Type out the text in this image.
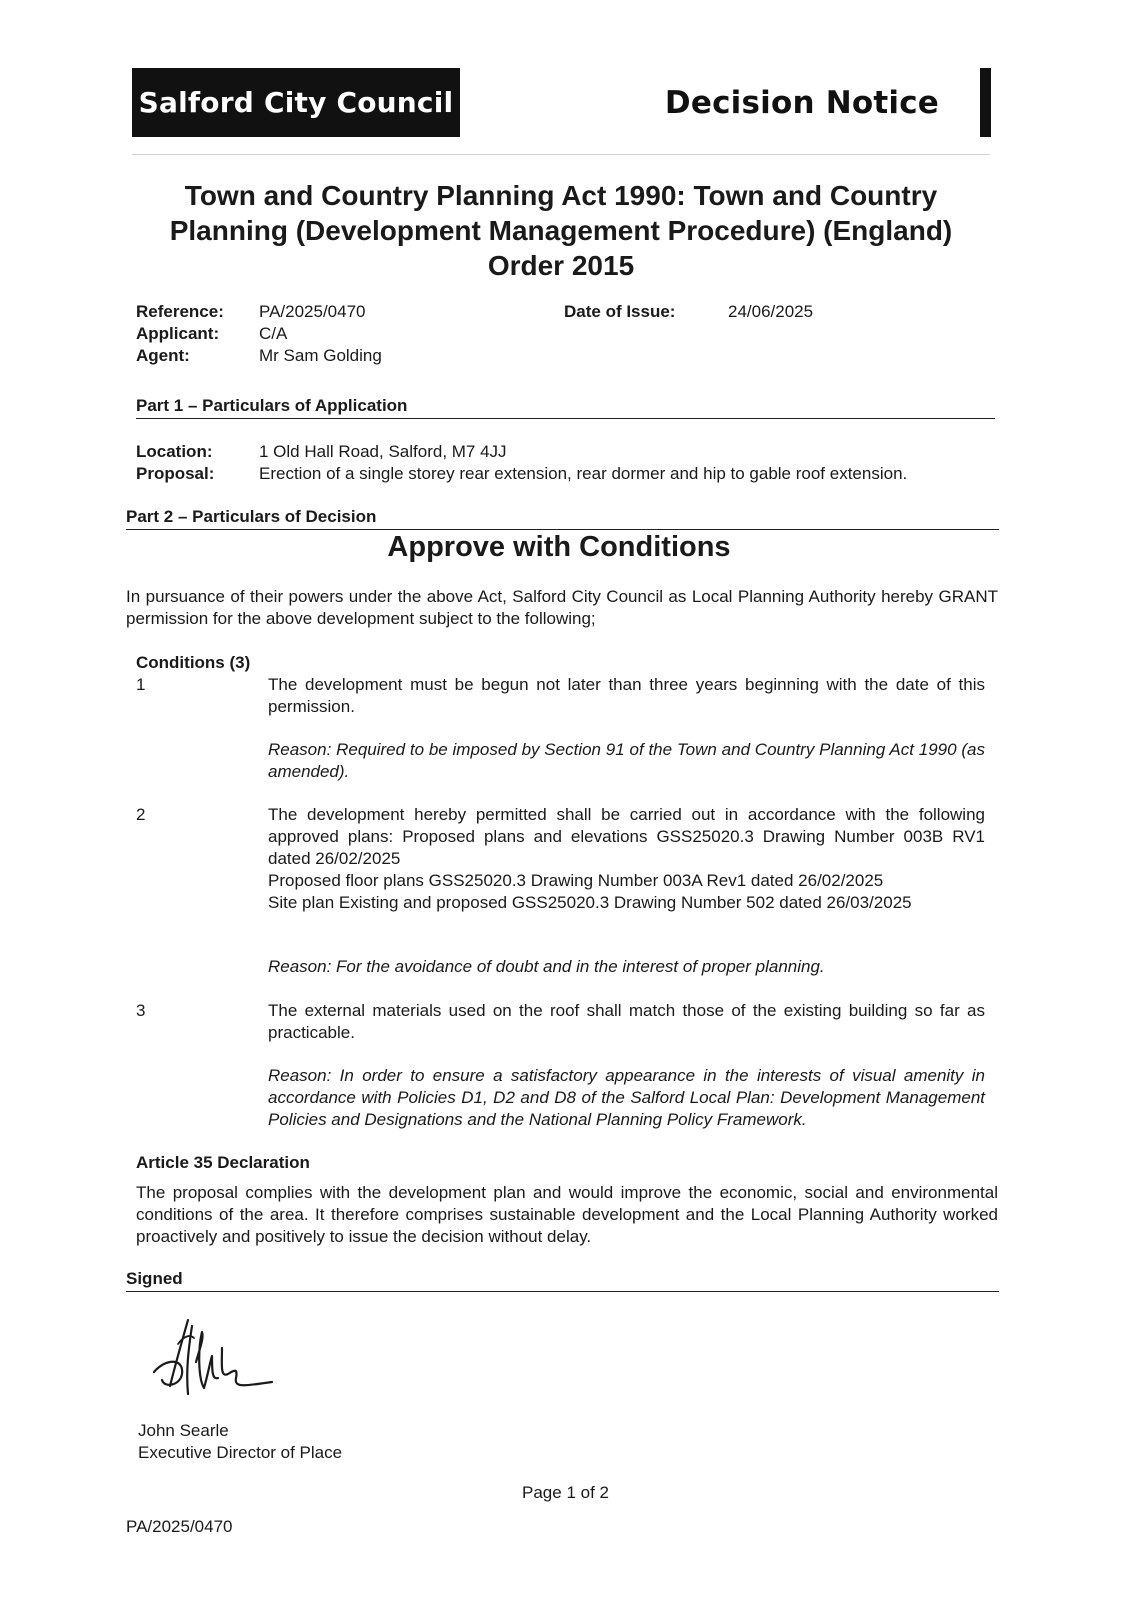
Salford City Council	Decision Notice
Town and Country Planning Act 1990: Town and Country Planning (Development Management Procedure) (England) Order 2015
Reference: PA/2025/0470	Date of Issue:	24/06/2025
Applicant: C/A
Agent:	Mr Sam Golding
Part 1 – Particulars of Application
Location:	1 Old Hall Road, Salford, M7 4JJ
Proposal:	Erection of a single storey rear extension, rear dormer and hip to gable roof extension.
Part 2 – Particulars of Decision
Approve with Conditions
In pursuance of their powers under the above Act, Salford City Council as Local Planning Authority hereby GRANT permission for the above development subject to the following;
Conditions (3)
1	The development must be begun not later than three years beginning with the date of this permission.
Reason: Required to be imposed by Section 91 of the Town and Country Planning Act 1990 (as amended).
2	The development hereby permitted shall be carried out in accordance with the following approved plans: Proposed plans and elevations GSS25020.3 Drawing Number 003B RV1 dated 26/02/2025
Proposed floor plans GSS25020.3 Drawing Number 003A Rev1 dated 26/02/2025
Site plan Existing and proposed GSS25020.3 Drawing Number 502 dated 26/03/2025
Reason: For the avoidance of doubt and in the interest of proper planning.
3	The external materials used on the roof shall match those of the existing building so far as practicable.
Reason: In order to ensure a satisfactory appearance in the interests of visual amenity in accordance with Policies D1, D2 and D8 of the Salford Local Plan: Development Management Policies and Designations and the National Planning Policy Framework.
Article 35 Declaration
The proposal complies with the development plan and would improve the economic, social and environmental conditions of the area. It therefore comprises sustainable development and the Local Planning Authority worked proactively and positively to issue the decision without delay.
Signed
John Searle
Executive Director of Place
Page 1 of 2
PA/2025/0470
